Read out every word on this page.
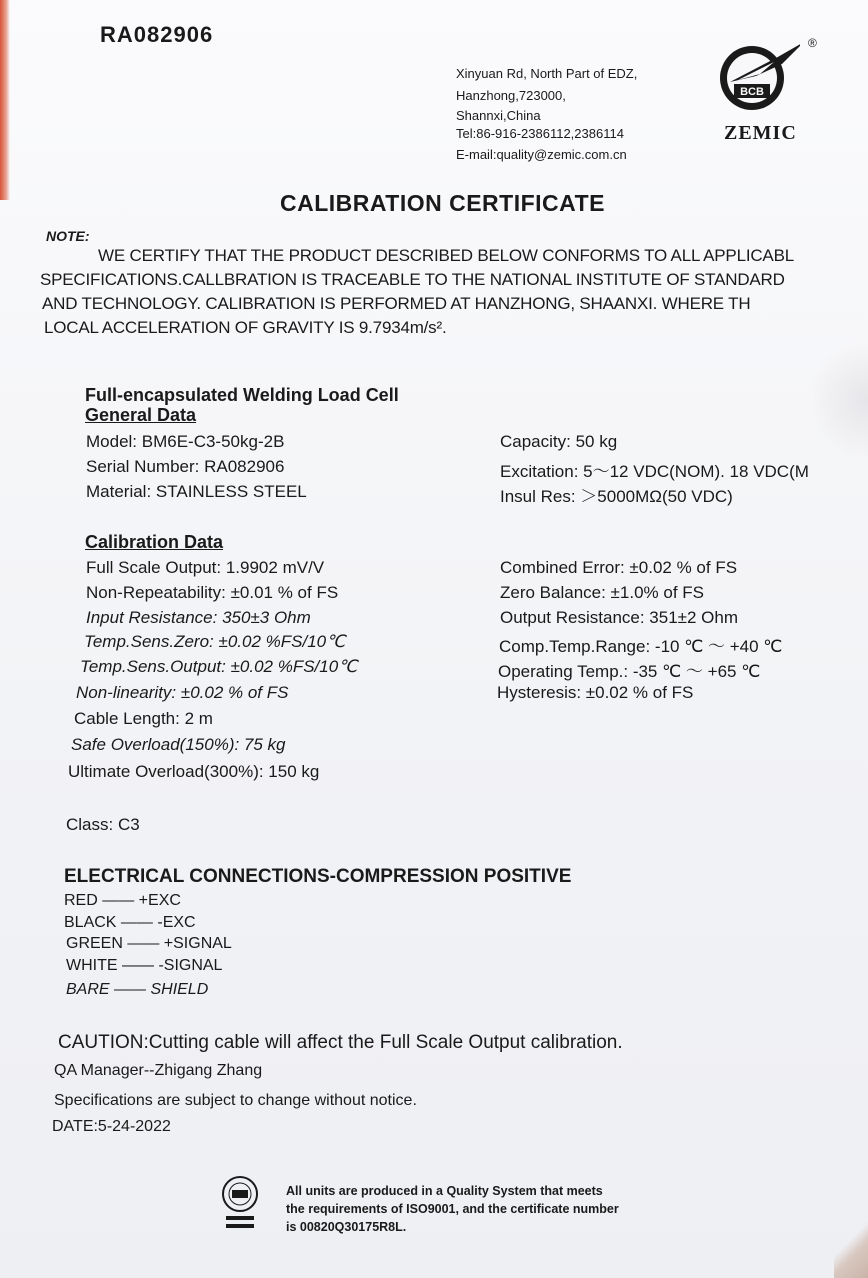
RA082906
Xinyuan Rd, North Part of EDZ,
Hanzhong,723000,
Shannxi,China
Tel:86-916-2386112,2386114
E-mail:quality@zemic.com.cn
BCB
®
ZEMIC
CALIBRATION CERTIFICATE
NOTE:
WE CERTIFY THAT THE PRODUCT DESCRIBED BELOW CONFORMS TO ALL APPLICABL
SPECIFICATIONS.CALLBRATION IS TRACEABLE TO THE NATIONAL INSTITUTE OF STANDARD
AND TECHNOLOGY. CALIBRATION IS PERFORMED AT HANZHONG, SHAANXI. WHERE TH
LOCAL ACCELERATION OF GRAVITY IS 9.7934m/s².
Full-encapsulated Welding Load Cell
General Data
Model: BM6E-C3-50kg-2B
Serial Number: RA082906
Material: STAINLESS STEEL
Capacity: 50 kg
Excitation: 5～12 VDC(NOM). 18 VDC(M
Insul Res: ＞5000MΩ(50 VDC)
Calibration Data
Full Scale Output: 1.9902 mV/V
Non-Repeatability: ±0.01 % of FS
Input Resistance: 350±3 Ohm
Temp.Sens.Zero: ±0.02 %FS/10℃
Temp.Sens.Output: ±0.02 %FS/10℃
Non-linearity: ±0.02 % of FS
Cable Length: 2 m
Safe Overload(150%): 75 kg
Ultimate Overload(300%): 150 kg
Combined Error: ±0.02 % of FS
Zero Balance: ±1.0% of FS
Output Resistance: 351±2 Ohm
Comp.Temp.Range: -10 ℃ ～ +40 ℃
Operating Temp.: -35 ℃ ～ +65 ℃
Hysteresis: ±0.02 % of FS
Class: C3
ELECTRICAL CONNECTIONS-COMPRESSION POSITIVE
RED —— +EXC
BLACK —— -EXC
GREEN —— +SIGNAL
WHITE —— -SIGNAL
BARE —— SHIELD
CAUTION:Cutting cable will affect the Full Scale Output calibration.
QA Manager--Zhigang Zhang
Specifications are subject to change without notice.
DATE:5-24-2022
All units are produced in a Quality System that meets
the requirements of ISO9001, and the certificate number
is 00820Q30175R8L.
